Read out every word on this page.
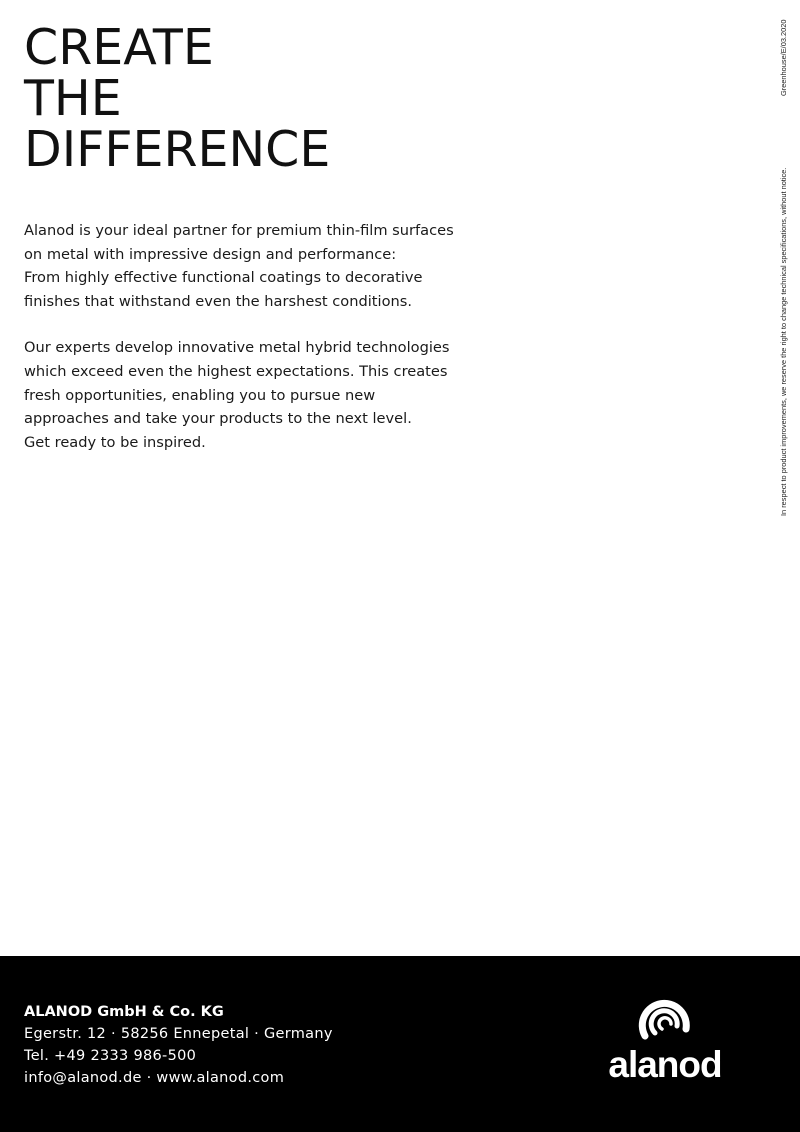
CREATE
THE
DIFFERENCE

Alanod is your ideal partner for premium thin-film surfaces
on metal with impressive design and performance:
From highly effective functional coatings to decorative
finishes that withstand even the harshest conditions.

Our experts develop innovative metal hybrid technologies
which exceed even the highest expectations. This creates
fresh opportunities, enabling you to pursue new
approaches and take your products to the next level.
Get ready to be inspired.

Greenhouse/E/03.2020
In respect to product improvements, we reserve the right to change technical specifications, without notice.
ALANOD GmbH & Co. KG
Egerstr. 12 · 58256 Ennepetal · Germany
Tel. +49 2333 986-500
info@alanod.de · www.alanod.com	alanod
